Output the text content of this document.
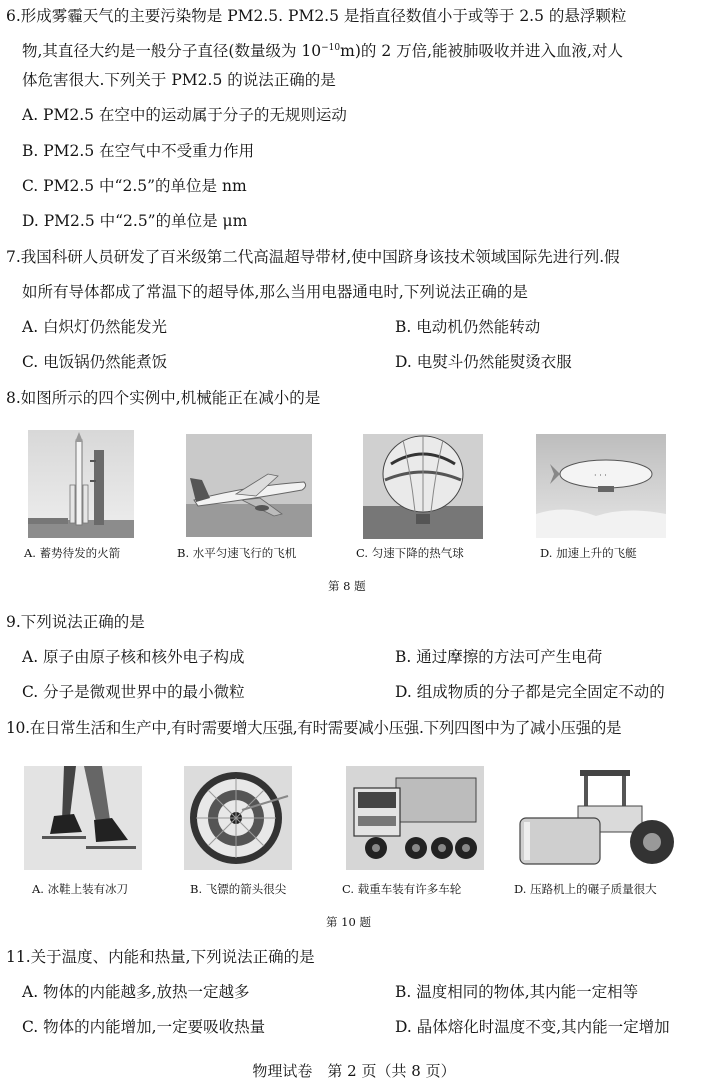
6.形成雾霾天气的主要污染物是 PM2.5. PM2.5 是指直径数值小于或等于 2.5 的悬浮颗粒
物,其直径大约是一般分子直径(数量级为 $10^{-10}m$)的 2 万倍,能被肺吸收并进入血液,对人
体危害很大.下列关于 PM2.5 的说法正确的是
A. PM2.5 在空中的运动属于分子的无规则运动
B. PM2.5 在空气中不受重力作用
C. PM2.5 中“2.5”的单位是 nm
D. PM2.5 中“2.5”的单位是 μm
7.我国科研人员研发了百米级第二代高温超导带材,使中国跻身该技术领域国际先进行列.假
如所有导体都成了常温下的超导体,那么当用电器通电时,下列说法正确的是
A. 白炽灯仍然能发光	B. 电动机仍然能转动
C. 电饭锅仍然能煮饭	D. 电熨斗仍然能熨烫衣服
8.如图所示的四个实例中,机械能正在减小的是
· · ·
A. 蓄势待发的火箭	B. 水平匀速飞行的飞机	C. 匀速下降的热气球	D. 加速上升的飞艇
第 8 题
9.下列说法正确的是
A. 原子由原子核和核外电子构成	B. 通过摩擦的方法可产生电荷
C. 分子是微观世界中的最小微粒	D. 组成物质的分子都是完全固定不动的
10.在日常生活和生产中,有时需要增大压强,有时需要减小压强.下列四图中为了减小压强的是
A. 冰鞋上装有冰刀	B. 飞镖的箭头很尖	C. 载重车装有许多车轮	D. 压路机上的碾子质量很大
第 10 题
11.关于温度、内能和热量,下列说法正确的是
A. 物体的内能越多,放热一定越多	B. 温度相同的物体,其内能一定相等
C. 物体的内能增加,一定要吸收热量	D. 晶体熔化时温度不变,其内能一定增加
物理试卷　第 2 页（共 8 页）
